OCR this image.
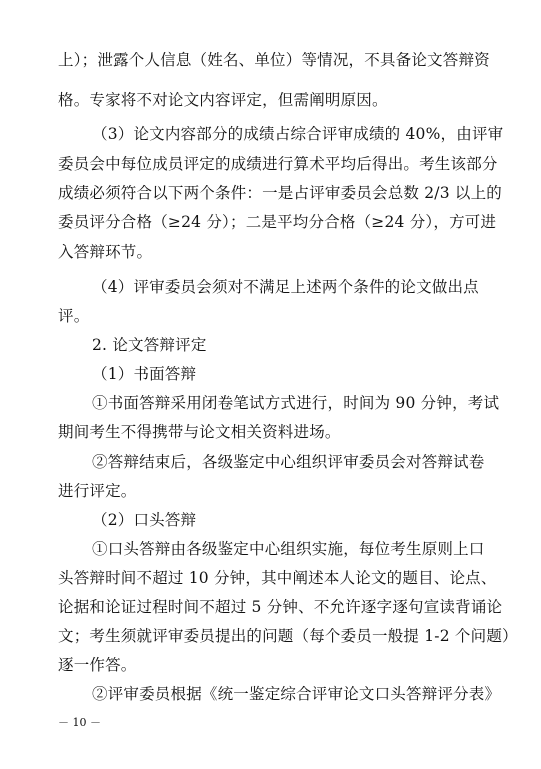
上）；泄露个人信息（姓名、单位）等情况，不具备论文答辩资
格。专家将不对论文内容评定，但需阐明原因。
（3）论文内容部分的成绩占综合评审成绩的 40%，由评审
委员会中每位成员评定的成绩进行算术平均后得出。考生该部分
成绩必须符合以下两个条件：一是占评审委员会总数 2/3 以上的
委员评分合格（≥24 分）；二是平均分合格（≥24 分），方可进
入答辩环节。
（4）评审委员会须对不满足上述两个条件的论文做出点
评。
2. 论文答辩评定
（1）书面答辩
①书面答辩采用闭卷笔试方式进行，时间为 90 分钟，考试
期间考生不得携带与论文相关资料进场。
②答辩结束后，各级鉴定中心组织评审委员会对答辩试卷
进行评定。
（2）口头答辩
①口头答辩由各级鉴定中心组织实施，每位考生原则上口
头答辩时间不超过 10 分钟，其中阐述本人论文的题目、论点、
论据和论证过程时间不超过 5 分钟、不允许逐字逐句宣读背诵论
文；考生须就评审委员提出的问题（每个委员一般提 1-2 个问题）
逐一作答。
②评审委员根据《统一鉴定综合评审论文口头答辩评分表》
－ 10 －
